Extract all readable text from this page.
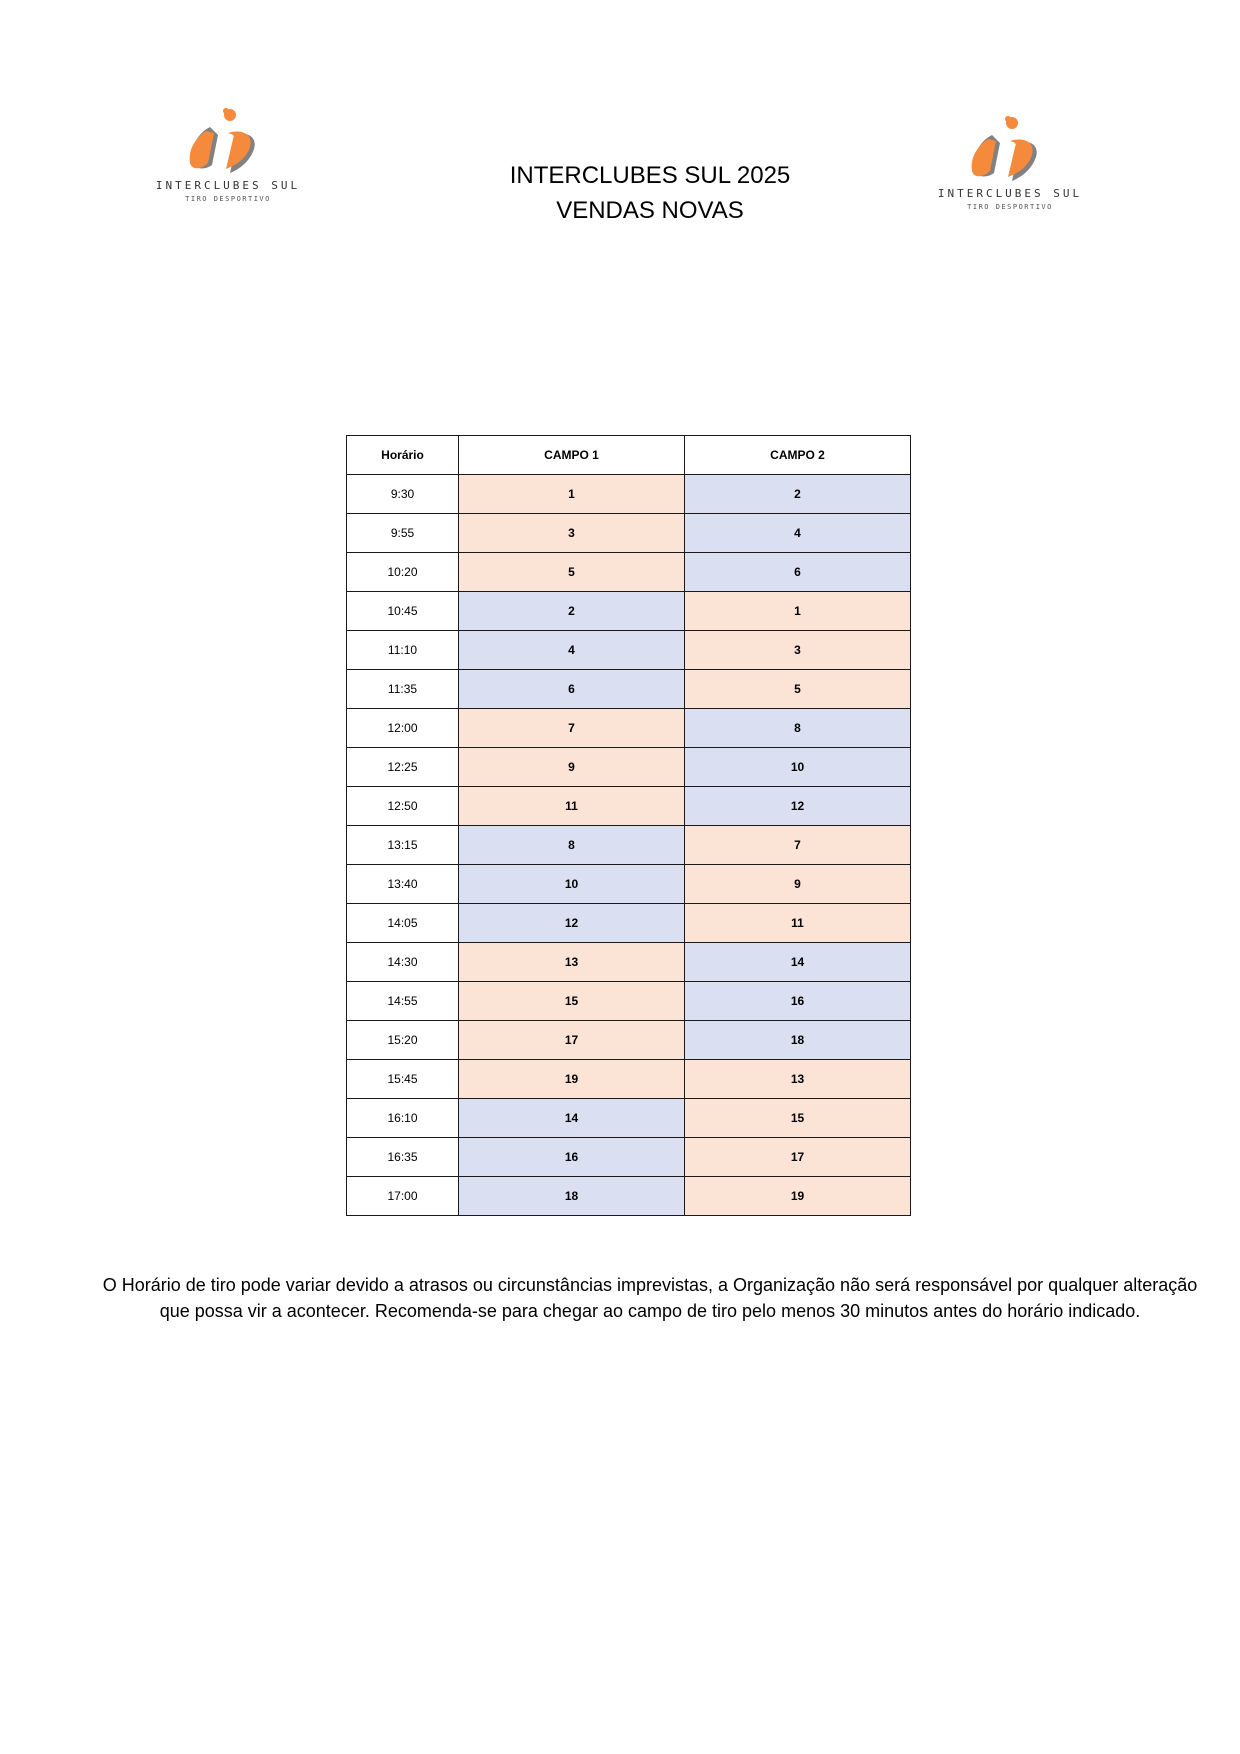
INTERCLUBES SUL
TIRO DESPORTIVO	INTERCLUBES SUL
TIRO DESPORTIVO
INTERCLUBES SUL 2025
VENDAS NOVAS
Horário	CAMPO 1	CAMPO 2
9:30	1	2
9:55	3	4
10:20	5	6
10:45	2	1
11:10	4	3
11:35	6	5
12:00	7	8
12:25	9	10
12:50	11	12
13:15	8	7
13:40	10	9
14:05	12	11
14:30	13	14
14:55	15	16
15:20	17	18
15:45	19	13
16:10	14	15
16:35	16	17
17:00	18	19
O Horário de tiro pode variar devido a atrasos ou circunstâncias imprevistas, a Organização não será responsável por qualquer alteração que possa vir a acontecer. Recomenda-se para chegar ao campo de tiro pelo menos 30 minutos antes do horário indicado.
